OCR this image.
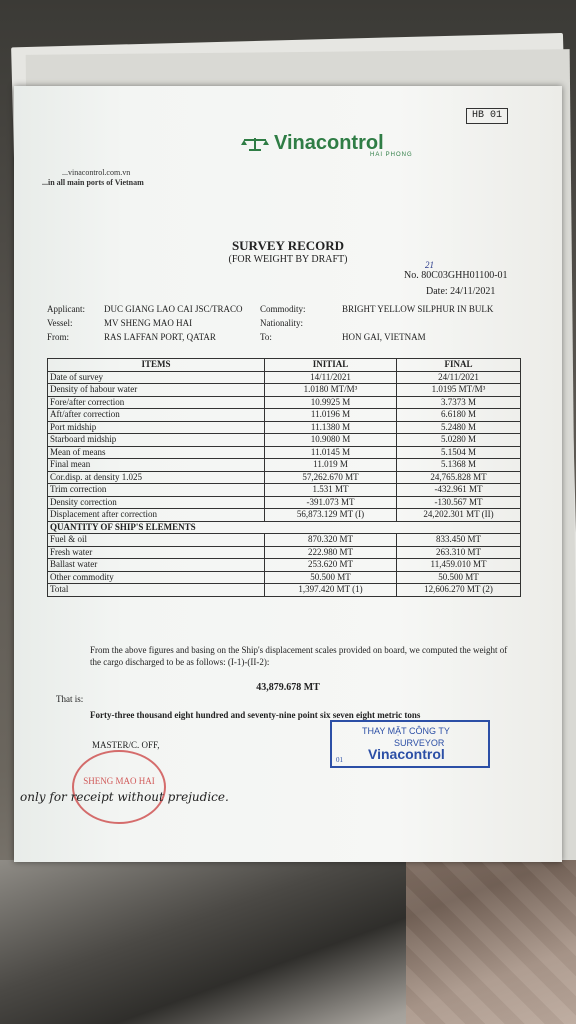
HB 01
Vinacontrol
HAI PHONG
...vinacontrol.com.vn
...in all main ports of Vietnam
SURVEY RECORD
(FOR WEIGHT BY DRAFT)	21
No. 80C03GHH01100-01
Date: 24/11/2021
Applicant: DUC GIANG LAO CAI JSC/TRACO Commodity:	BRIGHT YELLOW SILPHUR IN BULK
Vessel:	MV SHENG MAO HAI	Nationality:
From:	RAS LAFFAN PORT, QATAR	To:	HON GAI, VIETNAM
ITEMS	INITIAL	FINAL
Date of survey	14/11/2021	24/11/2021
Density of habour water	1.0180 MT/M³	1.0195 MT/M³
Fore/after correction	10.9925 M	3.7373 M
Aft/after correction	11.0196 M	6.6180 M
Port midship	11.1380 M	5.2480 M
Starboard midship	10.9080 M	5.0280 M
Mean of means	11.0145 M	5.1504 M
Final mean	11.019 M	5.1368 M
Cor.disp. at density 1.025	57,262.670 MT	24,765.828 MT
Trim correction	1.531 MT	-432.961 MT
Density correction	-391.073 MT	-130.567 MT
Displacement after correction	56,873.129 MT (I)	24,202.301 MT (II)
QUANTITY OF SHIP'S ELEMENTS		
Fuel & oil	870.320 MT	833.450 MT
Fresh water	222.980 MT	263.310 MT
Ballast water	253.620 MT	11,459.010 MT
Other commodity	50.500 MT	50.500 MT
Total	1,397.420 MT (1)	12,606.270 MT (2)
From the above figures and basing on the Ship's displacement scales provided on board, we computed the weight of the cargo discharged to be as follows: (I-1)-(II-2):
43,879.678 MT
That is:
Forty-three thousand eight hundred and seventy-nine point six seven eight metric tons
MASTER/C. OFF,
THAY MẶT CÔNG TY
SURVEYOR
Vinacontrol
01
SHENG MAO HAI
only for receipt without prejudice.
